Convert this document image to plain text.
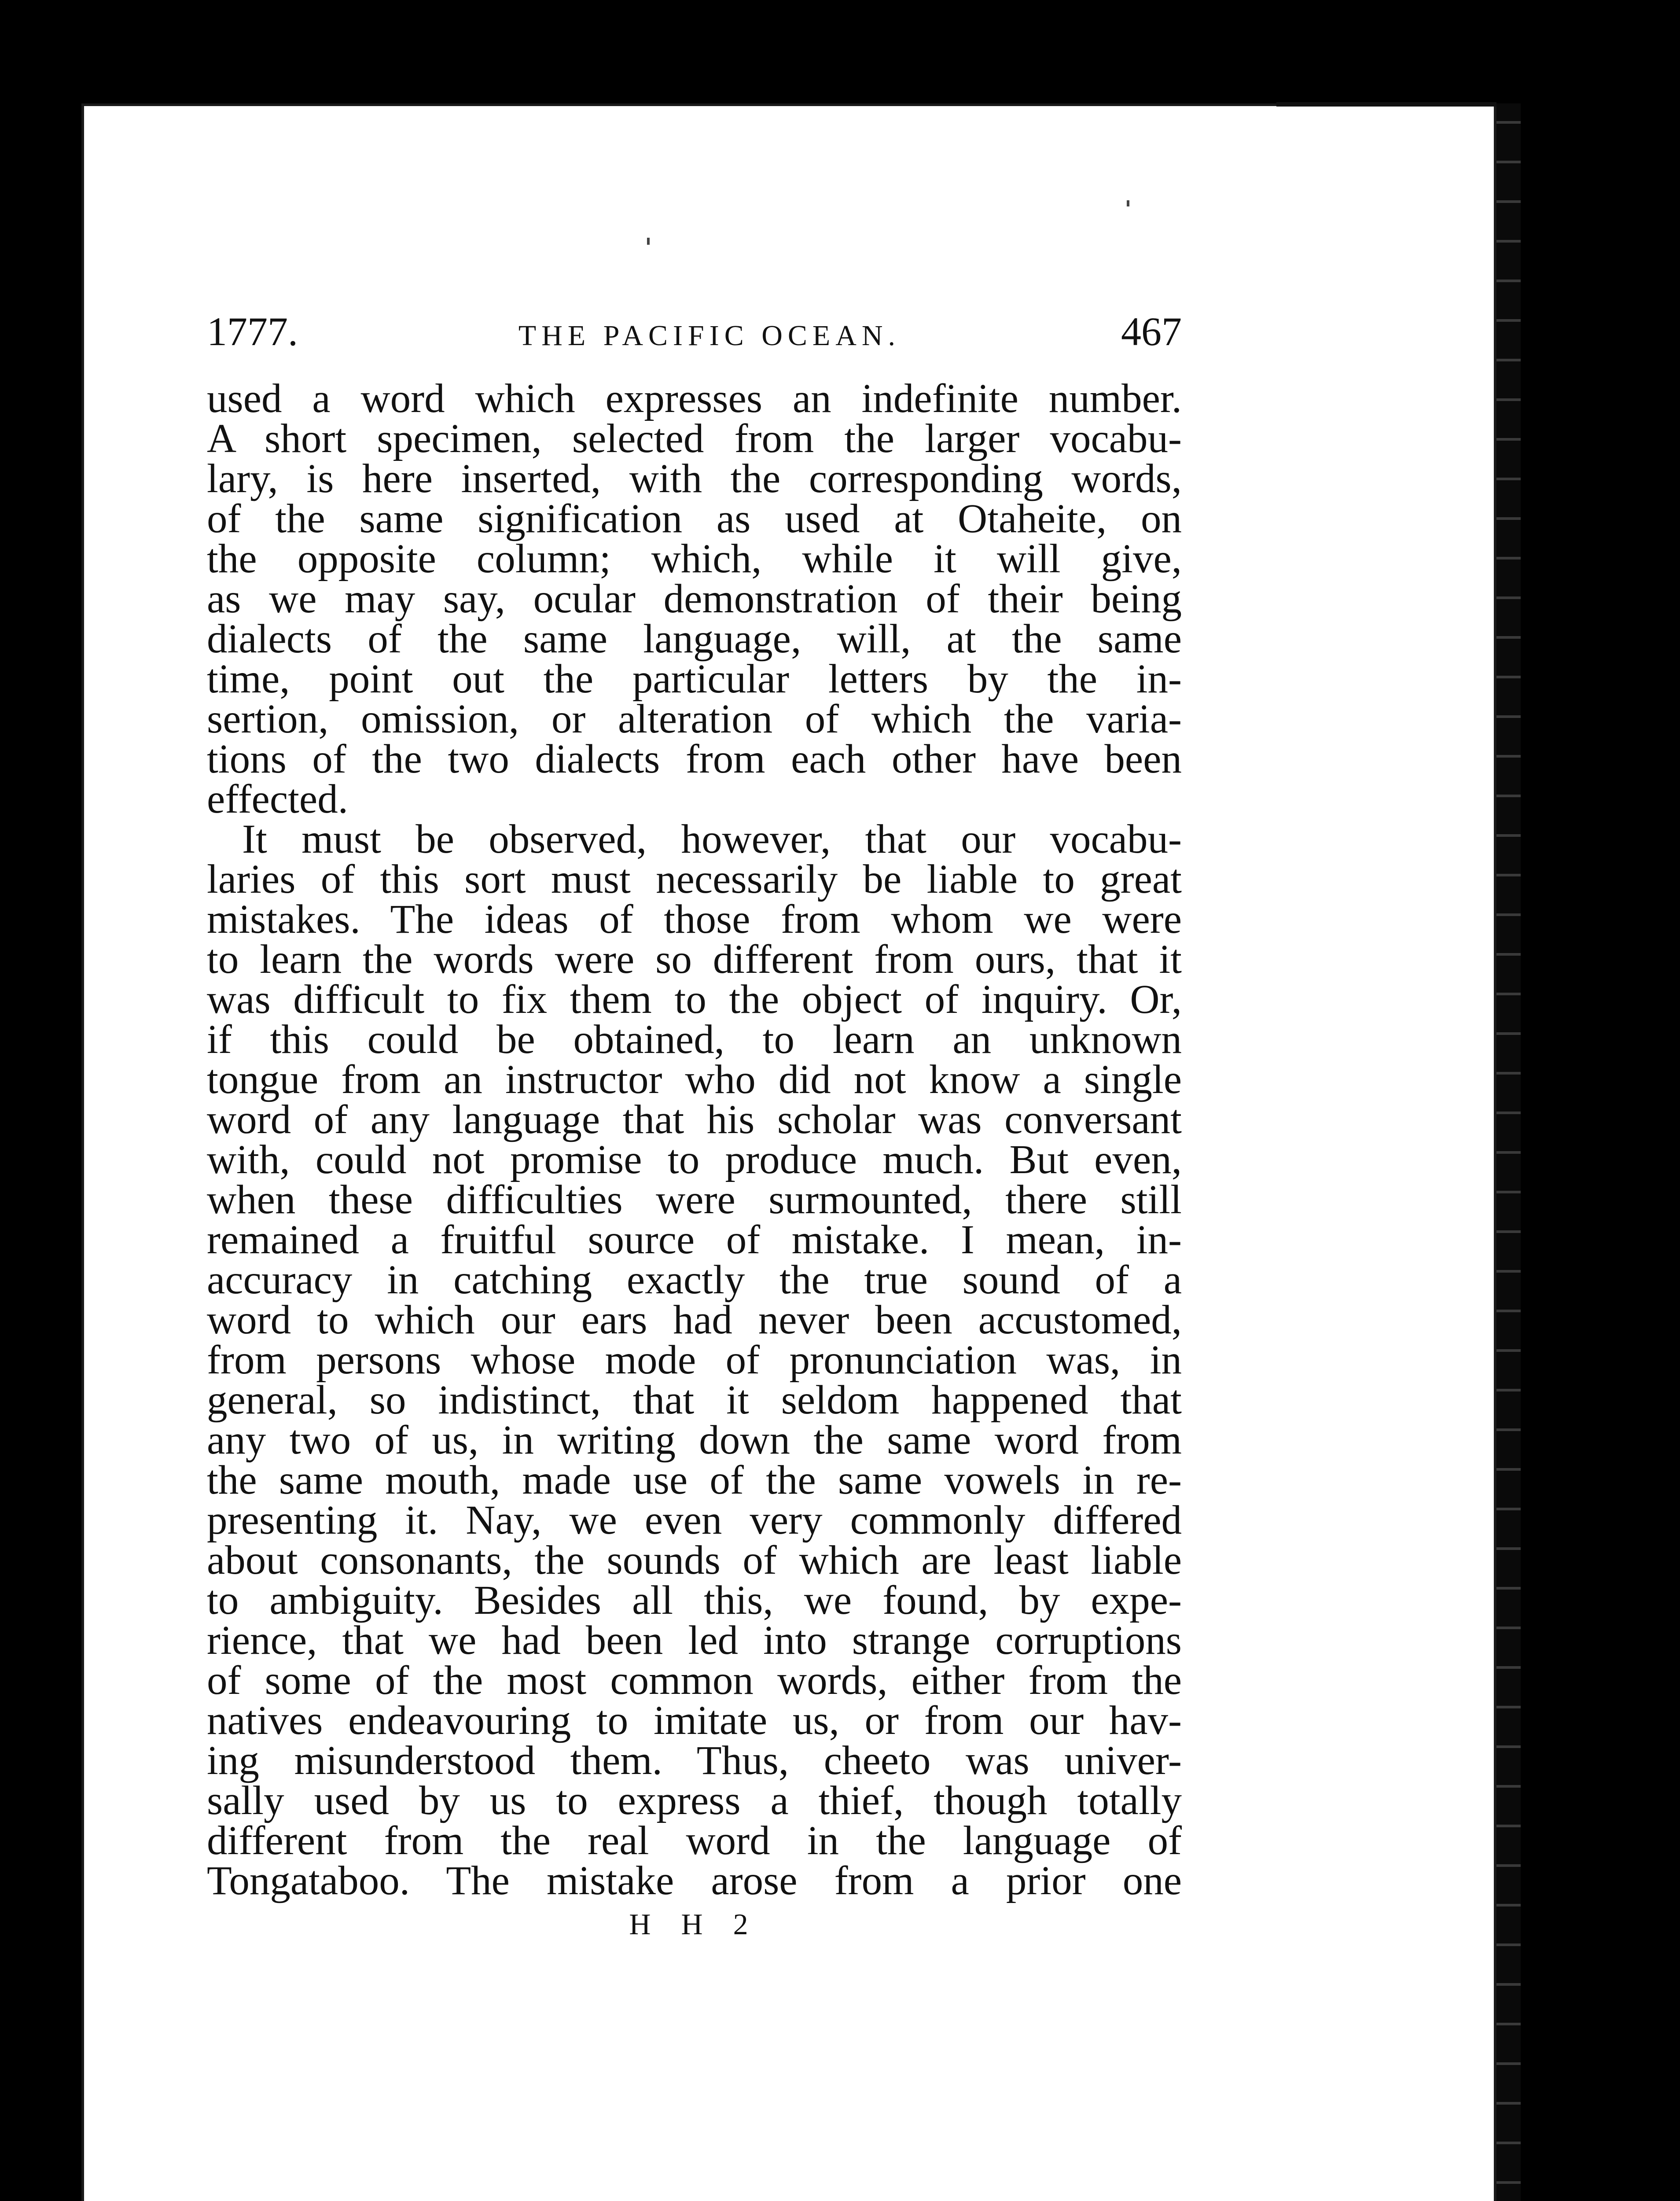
1777.	THE PACIFIC OCEAN.	467
used a word which expresses an indefinite number.
A short specimen, selected from the larger vocabu-
lary, is here inserted, with the corresponding words,
of the same signification as used at Otaheite, on
the opposite column; which, while it will give,
as we may say, ocular demonstration of their being
dialects of the same language, will, at the same
time, point out the particular letters by the in-
sertion, omission, or alteration of which the varia-
tions of the two dialects from each other have been
effected.
It must be observed, however, that our vocabu-
laries of this sort must necessarily be liable to great
mistakes. The ideas of those from whom we were
to learn the words were so different from ours, that it
was difficult to fix them to the object of inquiry. Or,
if this could be obtained, to learn an unknown
tongue from an instructor who did not know a single
word of any language that his scholar was conversant
with, could not promise to produce much. But even,
when these difficulties were surmounted, there still
remained a fruitful source of mistake. I mean, in-
accuracy in catching exactly the true sound of a
word to which our ears had never been accustomed,
from persons whose mode of pronunciation was, in
general, so indistinct, that it seldom happened that
any two of us, in writing down the same word from
the same mouth, made use of the same vowels in re-
presenting it. Nay, we even very commonly differed
about consonants, the sounds of which are least liable
to ambiguity. Besides all this, we found, by expe-
rience, that we had been led into strange corruptions
of some of the most common words, either from the
natives endeavouring to imitate us, or from our hav-
ing misunderstood them. Thus, cheeto was univer-
sally used by us to express a thief, though totally
different from the real word in the language of
Tongataboo. The mistake arose from a prior one
H H 2
